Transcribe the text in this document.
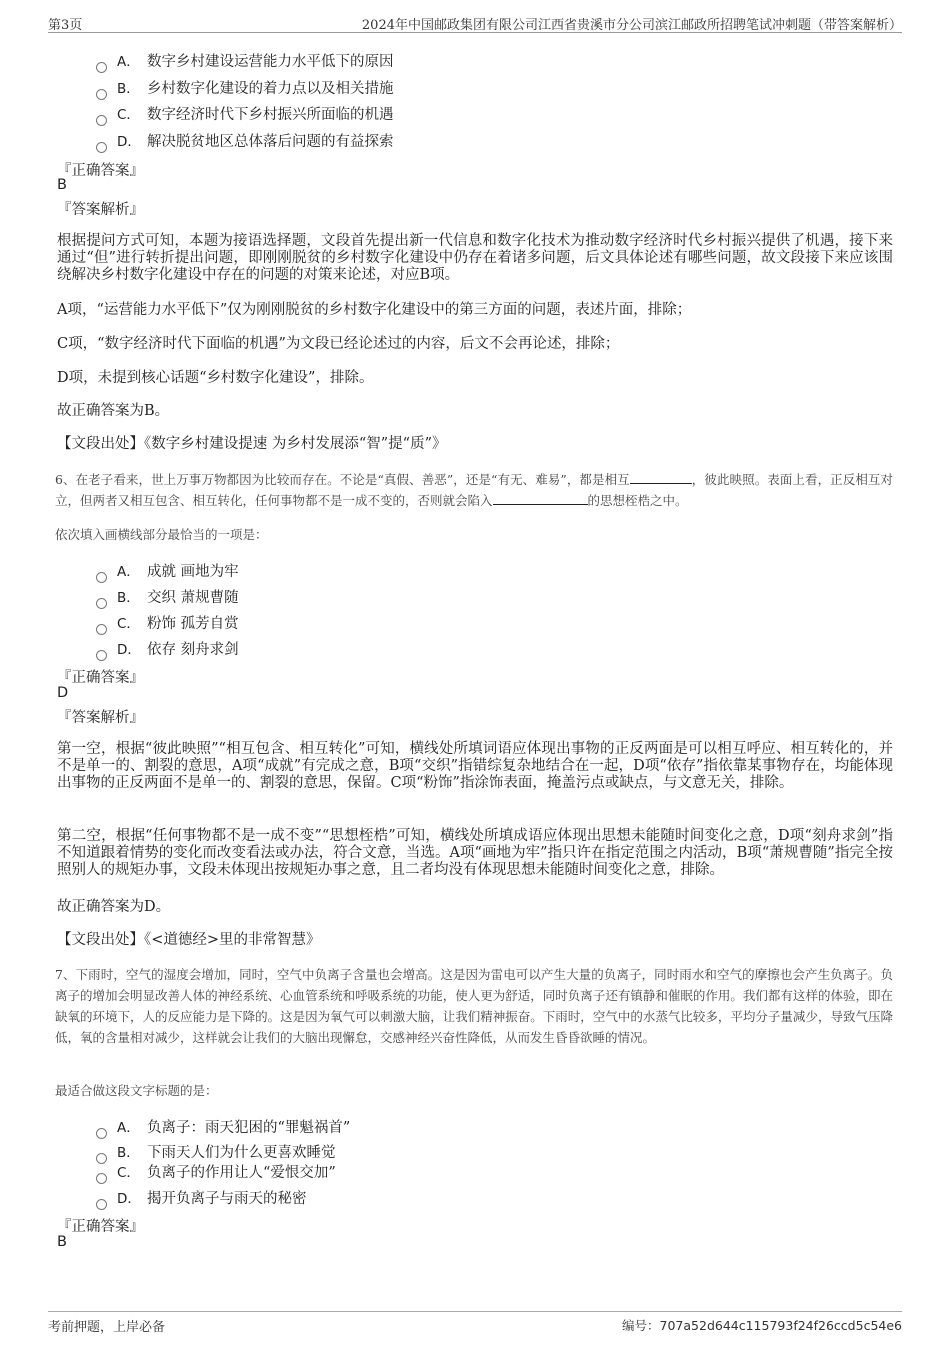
第3页	2024年中国邮政集团有限公司江西省贵溪市分公司滨江邮政所招聘笔试冲刺题（带答案解析）
A． 数字乡村建设运营能力水平低下的原因
B． 乡村数字化建设的着力点以及相关措施
C． 数字经济时代下乡村振兴所面临的机遇
D． 解决脱贫地区总体落后问题的有益探索
『正确答案』
B
『答案解析』
根据提问方式可知，本题为接语选择题，文段首先提出新一代信息和数字化技术为推动数字经济时代乡村振兴提供了机遇，接下来通过“但”进行转折提出问题，即刚刚脱贫的乡村数字化建设中仍存在着诸多问题，后文具体论述有哪些问题，故文段接下来应该围绕解决乡村数字化建设中存在的问题的对策来论述，对应B项。
A项，“运营能力水平低下”仅为刚刚脱贫的乡村数字化建设中的第三方面的问题，表述片面，排除；
C项，“数字经济时代下面临的机遇”为文段已经论述过的内容，后文不会再论述，排除；
D项，未提到核心话题“乡村数字化建设”，排除。
故正确答案为B。
【文段出处】《数字乡村建设提速 为乡村发展添“智”提“质”》
6、在老子看来，世上万事万物都因为比较而存在。不论是“真假、善恶”，还是“有无、难易”，都是相互	，彼此映照。表面上看，正反相互对立，但两者又相互包含、相互转化，任何事物都不是一成不变的，否则就会陷入	的思想桎梏之中。
依次填入画横线部分最恰当的一项是：
A． 成就 画地为牢
B． 交织 萧规曹随
C． 粉饰 孤芳自赏
D． 依存 刻舟求剑
『正确答案』
D
『答案解析』
第一空，根据“彼此映照”“相互包含、相互转化”可知，横线处所填词语应体现出事物的正反两面是可以相互呼应、相互转化的，并不是单一的、割裂的意思，A项“成就”有完成之意，B项“交织”指错综复杂地结合在一起，D项“依存”指依靠某事物存在，均能体现出事物的正反两面不是单一的、割裂的意思，保留。C项“粉饰”指涂饰表面，掩盖污点或缺点，与文意无关，排除。
第二空，根据“任何事物都不是一成不变”“思想桎梏”可知，横线处所填成语应体现出思想未能随时间变化之意，D项“刻舟求剑”指不知道跟着情势的变化而改变看法或办法，符合文意，当选。A项“画地为牢”指只许在指定范围之内活动，B项“萧规曹随”指完全按照别人的规矩办事，文段未体现出按规矩办事之意，且二者均没有体现思想未能随时间变化之意，排除。
故正确答案为D。
【文段出处】《<道德经>里的非常智慧》
7、下雨时，空气的湿度会增加，同时，空气中负离子含量也会增高。这是因为雷电可以产生大量的负离子，同时雨水和空气的摩擦也会产生负离子。负离子的增加会明显改善人体的神经系统、心血管系统和呼吸系统的功能，使人更为舒适，同时负离子还有镇静和催眠的作用。我们都有这样的体验，即在缺氧的环境下，人的反应能力是下降的。这是因为氧气可以刺激大脑，让我们精神振奋。下雨时，空气中的水蒸气比较多，平均分子量减少，导致气压降低，氧的含量相对减少，这样就会让我们的大脑出现懈怠，交感神经兴奋性降低，从而发生昏昏欲睡的情况。
最适合做这段文字标题的是：
A． 负离子：雨天犯困的“罪魁祸首”
B． 下雨天人们为什么更喜欢睡觉
C． 负离子的作用让人“爱恨交加”
D． 揭开负离子与雨天的秘密
『正确答案』
B
考前押题，上岸必备	编号：707a52d644c115793f24f26ccd5c54e6
